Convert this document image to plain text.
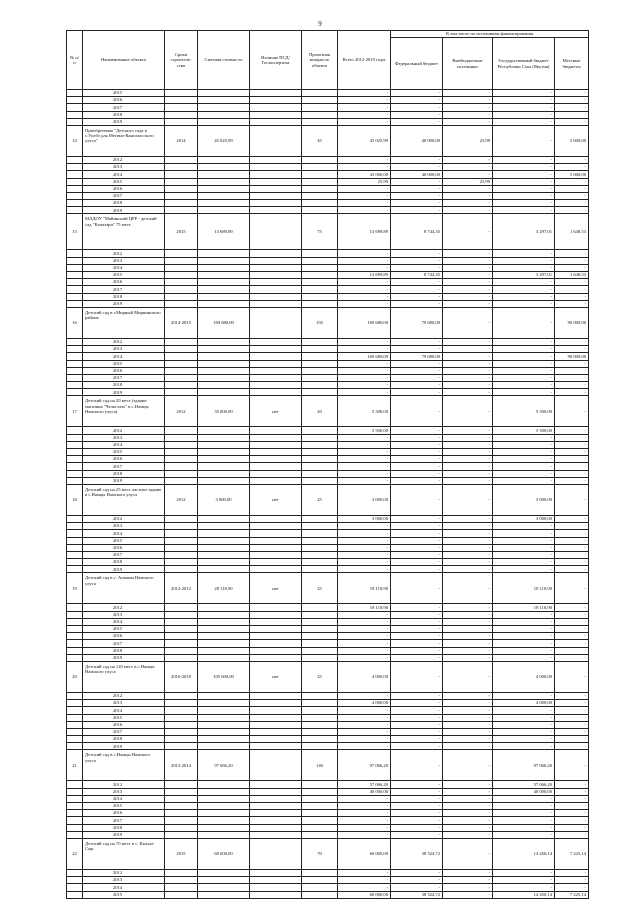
9
№ п/п	Наименование объекта	Сроки строитель-ства	Сметная стоимость	Наличие ПСД/ Госэкспертиза	Проектная мощность объекта	Всего 2012-2019 годы	В том числе по источникам финансирования			
							Федеральный бюджет	Внебюджетные источники	Государственный бюджет Республики Саха (Якутия)	Местные бюджеты
	2015					-	-	-	-	-
	2016					-	-	-	-	-
	2017					-	-	-	-	-
	2018					-	-	-	-	-
	2019					-	-	-	-	-
14	Приобретение "Детского сада в с.Уолбэ для Мегино-Кангаласского улуса"	2014	45 025,99		45	45 025,99	40 000,00	25,99	-	5 000,00
	2012					-	-	-	-	-
	2013					-	-	-	-	-
	2014					45 000,00	40 000,00	-	-	5 000,00
	2015					25,99	-	25,99	-	-
	2016					-	-	-	-	-
	2017					-	-	-	-	-
	2018					-	-	-	-	-
	2019					-	-	-	-	-
15	МАДОУ "Майинский ЦРР - детский сад "Кэнчээри" 75 мест	2015	13 689,89		75	13 689,89	8 744,35	-	3 297,01	1 648,53
	2012					-	-	-	-	-
	2013					-	-	-	-	-
	2014					-	-	-	-	-
	2015					13 689,89	8 744,35	-	3 297,01	1 648,53
	2016					-	-	-	-	-
	2017					-	-	-	-	-
	2018					-	-	-	-	-
	2019					-	-	-	-	-
16	Детский сад в г.Мирный Мирнинского района	2014-2015	169 680,00		192	169 680,00	79 680,00	-	-	90 000,00
	2012					-	-	-	-	-
	2013					-	-	-	-	-
	2014					169 680,00	79 680,00	-	-	90 000,00
	2015					-	-	-	-	-
	2016					-	-	-	-	-
	2017					-	-	-	-	-
	2018					-	-	-	-	-
	2019					-	-	-	-	-
17	Детский сад на 20 мест (здание магазина "Чельгэлэх" в с.Намцы Намского улуса)	2012	35 000,00	нет	20	5 500,00	-	-	5 500,00	-
	2012					5 500,00	-	-	5 500,00	-
	2013					-	-	-	-	-
	2014					-	-	-	-	-
	2015					-	-	-	-	-
	2016					-	-	-	-	-
	2017					-	-	-	-	-
	2018					-	-	-	-	-
	2019					-	-	-	-	-
18	Детский сад на 25 мест частное здание в с.Намцы Намского улуса	2012	3 000,00	нет	25	3 000,00	-	-	3 000,00	-
	2012					3 000,00	-	-	3 000,00	-
	2013					-	-	-	-	-
	2014					-	-	-	-	-
	2015					-	-	-	-	-
	2016					-	-	-	-	-
	2017					-	-	-	-	-
	2018					-	-	-	-	-
	2019					-	-	-	-	-
19	Детский сад в с. Аппаны Намского улуса	2012-2012	28 118,90	нет	25	18 118,90	-	-	18 118,90	-
	2012					18 118,90	-	-	18 118,90	-
	2013					-	-	-	-	-
	2014					-	-	-	-	-
	2015					-	-	-	-	-
	2016					-	-	-	-	-
	2017					-	-	-	-	-
	2018					-	-	-	-	-
	2019					-	-	-	-	-
20	Детский сад на 120 мест в с.Намцы Намского улуса	2016-2018	105 000,00	нет	25	4 000,00	-	-	4 000,00	-
	2012					-	-	-	-	-
	2013					4 000,00	-	-	4 000,00	-
	2014					-	-	-	-	-
	2015					-	-	-	-	-
	2016					-	-	-	-	-
	2017					-	-	-	-	-
	2018					-	-	-	-	-
	2019					-	-	-	-	-
21	Детский сад в с.Намцы Намского улуса	2013-2014	97 066,20		140	97 066,20	-	-	97 066,20	-
	2012					57 066,20	-	-	57 066,20	-
	2013					40 000,00	-	-	40 000,00	-
	2014					-	-	-	-	-
	2015					-	-	-	-	-
	2016					-	-	-	-	-
	2017					-	-	-	-	-
	2018					-	-	-	-	-
	2019					-	-	-	-	-
22	Детский сад на 70 мест в с. Кысыл-Сыр	2015	60 000,00		70	60 000,00	38 324,72	-	14 450,14	7 225,14
	2012					-	-	-	-	-
	2013					-	-	-	-	-
	2014					-	-	-	-	-
	2015					60 000,00	38 324,72	-	14 450,14	7 225,14
